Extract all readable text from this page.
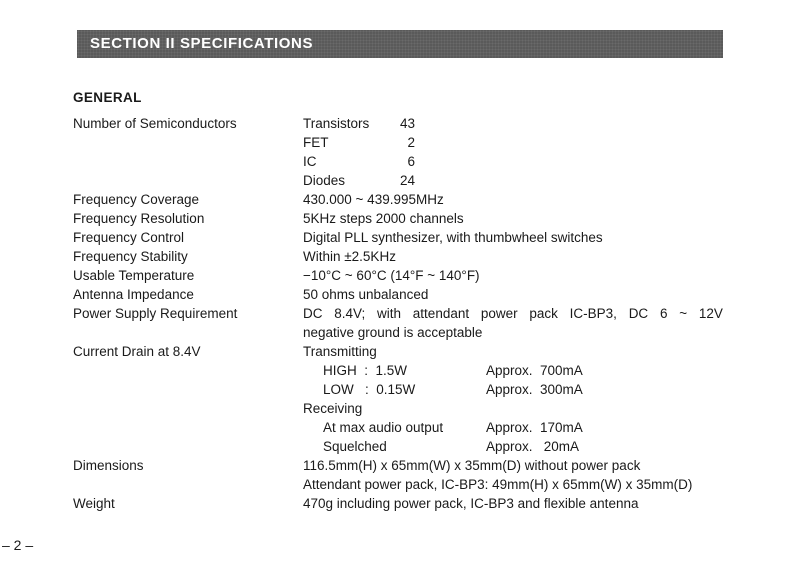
SECTION II SPECIFICATIONS
GENERAL
Number of Semiconductors	Transistors	43
FET	2
IC	6
Diodes	24
Frequency Coverage	430.000 ~ 439.995MHz
Frequency Resolution	5KHz steps 2000 channels
Frequency Control	Digital PLL synthesizer, with thumbwheel switches
Frequency Stability	Within ±2.5KHz
Usable Temperature	−10°C ~ 60°C (14°F ~ 140°F)
Antenna Impedance	50 ohms unbalanced
Power Supply Requirement	DC 8.4V; with attendant power pack IC-BP3, DC 6 ~ 12V
negative ground is acceptable
Current Drain at 8.4V	Transmitting
HIGH  :  1.5W	Approx.  700mA
LOW   :  0.15W	Approx.  300mA
Receiving
At max audio output	Approx.  170mA
Squelched	Approx.   20mA
Dimensions	116.5mm(H) x 65mm(W) x 35mm(D) without power pack
Attendant power pack, IC-BP3: 49mm(H) x 65mm(W) x 35mm(D)
Weight	470g including power pack, IC-BP3 and flexible antenna
– 2 –
